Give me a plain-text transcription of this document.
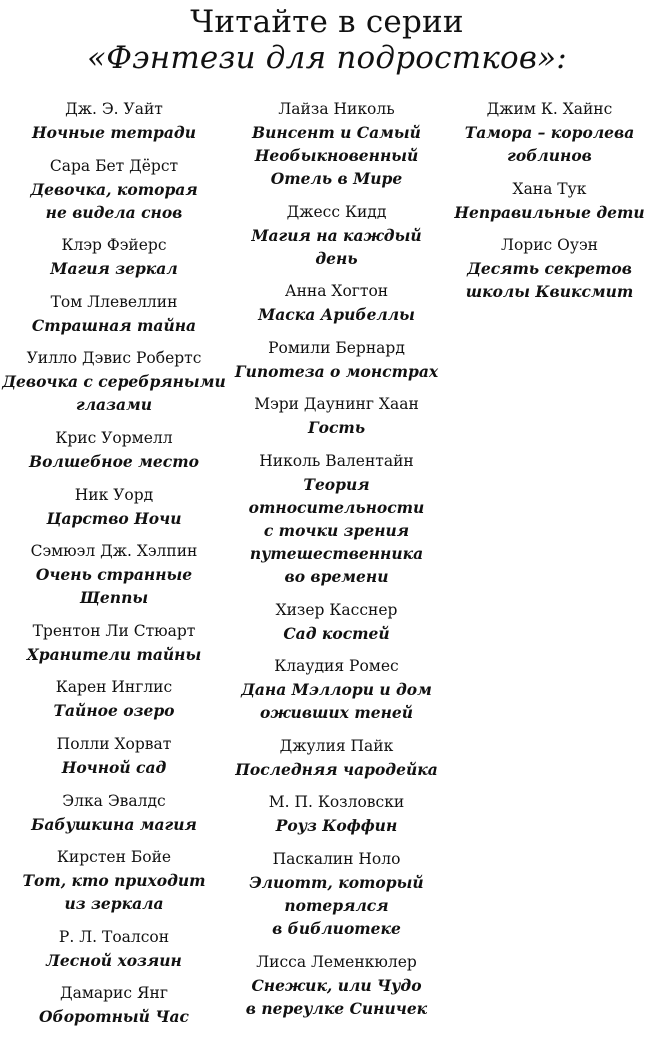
Читайте в серии
«Фэнтези для подростков»:
Дж. Э. Уайт
Ночные тетради
Сара Бет Дёрст
Девочка, которая
не видела снов
Клэр Фэйерс
Магия зеркал
Том Ллевеллин
Страшная тайна
Уилло Дэвис Робертс
Девочка с серебряными
глазами
Крис Уормелл
Волшебное место
Ник Уорд
Царство Ночи
Сэмюэл Дж. Хэлпин
Очень странные Щеппы
Трентон Ли Стюарт
Хранители тайны
Карен Инглис
Тайное озеро
Полли Хорват
Ночной сад
Элка Эвалдс
Бабушкина магия
Кирстен Бойе
Тот, кто приходит
из зеркала
Р. Л. Тоалсон
Лесной хозяин
Дамарис Янг
Оборотный Час
Лайза Николь
Винсент и Самый
Необыкновенный
Отель в Мире
Джесс Кидд
Магия на каждый день
Анна Хогтон
Маска Арибеллы
Ромили Бернард
Гипотеза о монстрах
Мэри Даунинг Хаан
Гость
Николь Валентайн
Теория
относительности
с точки зрения
путешественника
во времени
Хизер Касснер
Сад костей
Клаудия Ромес
Дана Мэллори и дом
оживших теней
Джулия Пайк
Последняя чародейка
М. П. Козловски
Роуз Коффин
Паскалин Ноло
Элиотт, который
потерялся
в библиотеке
Лисса Леменкюлер
Снежик, или Чудо
в переулке Синичек
Джим К. Хайнс
Тамора – королева
гоблинов
Хана Тук
Неправильные дети
Лорис Оуэн
Десять секретов
школы Квиксмит
